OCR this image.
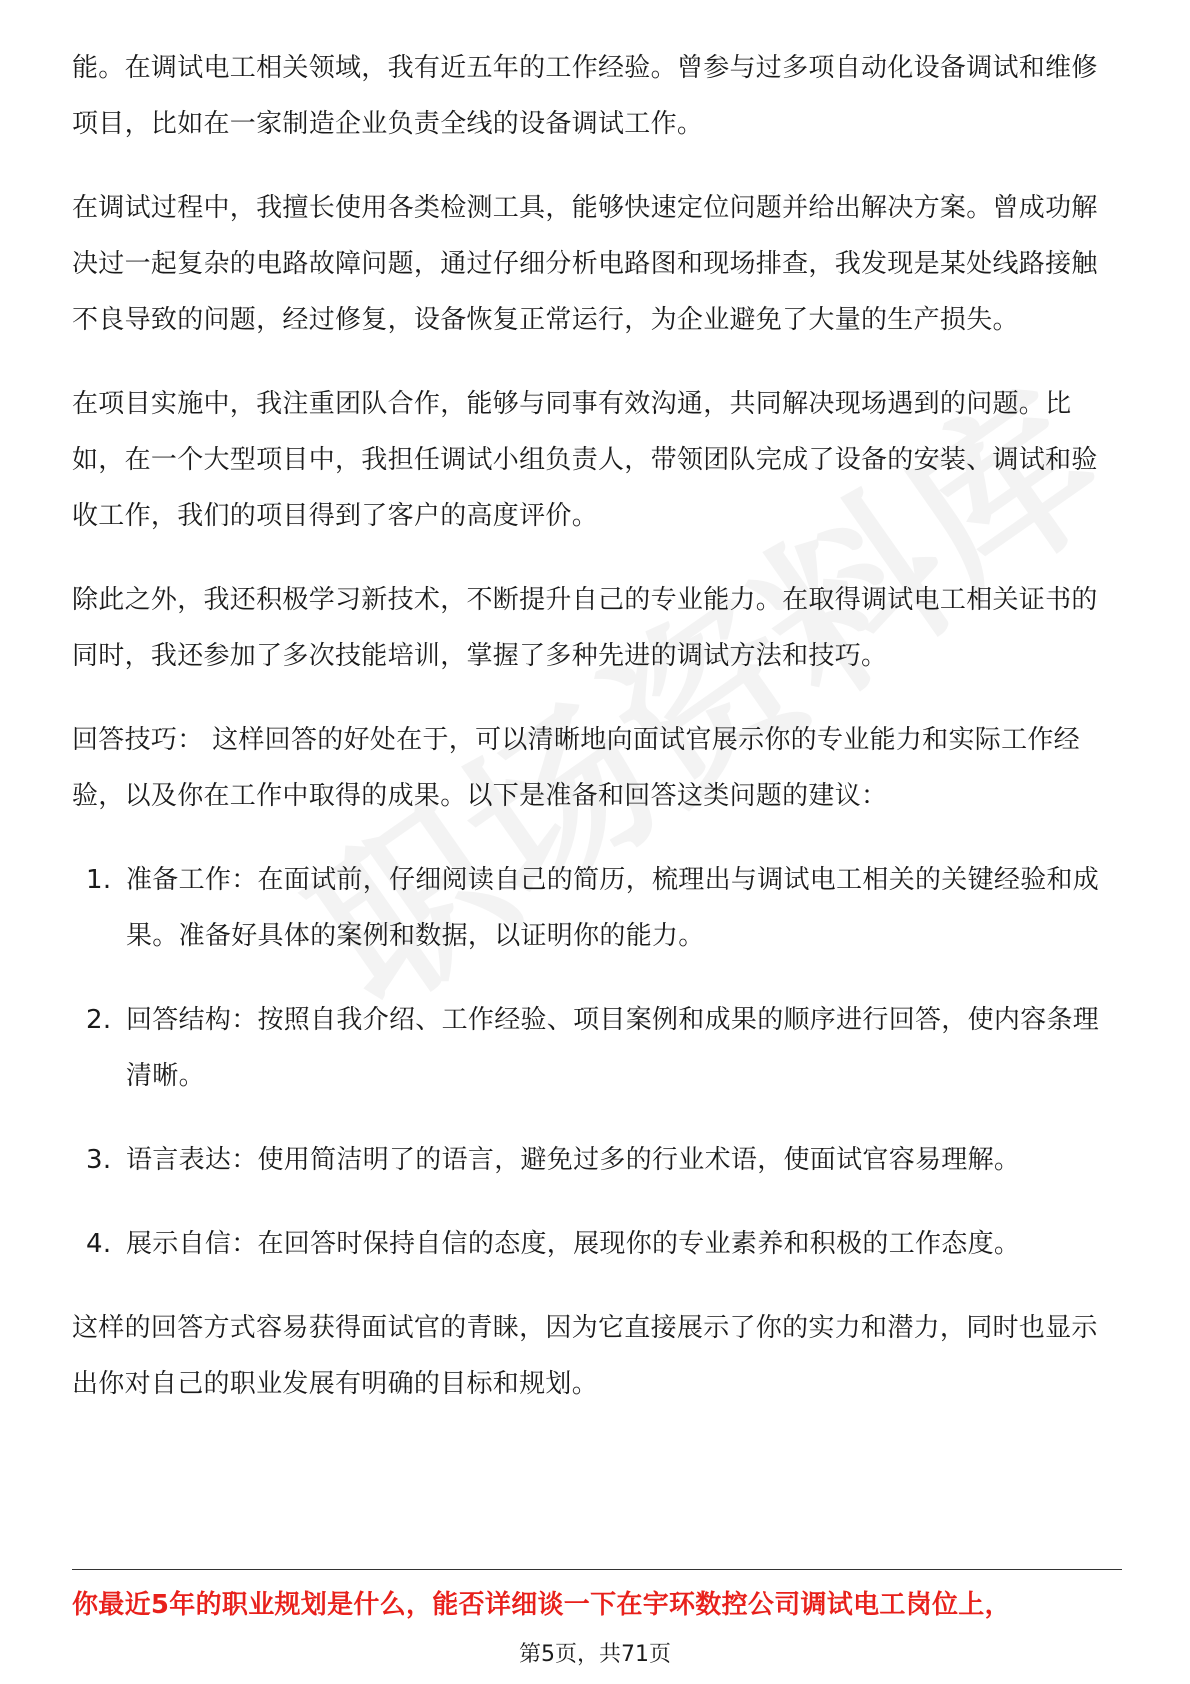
能。在调试电工相关领域，我有近五年的工作经验。曾参与过多项自动化设备调试和维修项目，比如在一家制造企业负责全线的设备调试工作。

在调试过程中，我擅长使用各类检测工具，能够快速定位问题并给出解决方案。曾成功解决过一起复杂的电路故障问题，通过仔细分析电路图和现场排查，我发现是某处线路接触不良导致的问题，经过修复，设备恢复正常运行，为企业避免了大量的生产损失。

在项目实施中，我注重团队合作，能够与同事有效沟通，共同解决现场遇到的问题。比如，在一个大型项目中，我担任调试小组负责人，带领团队完成了设备的安装、调试和验收工作，我们的项目得到了客户的高度评价。

除此之外，我还积极学习新技术，不断提升自己的专业能力。在取得调试电工相关证书的同时，我还参加了多次技能培训，掌握了多种先进的调试方法和技巧。

回答技巧： 这样回答的好处在于，可以清晰地向面试官展示你的专业能力和实际工作经验，以及你在工作中取得的成果。以下是准备和回答这类问题的建议：

1. 准备工作：在面试前，仔细阅读自己的简历，梳理出与调试电工相关的关键经验和成果。准备好具体的案例和数据，以证明你的能力。
2. 回答结构：按照自我介绍、工作经验、项目案例和成果的顺序进行回答，使内容条理清晰。
3. 语言表达：使用简洁明了的语言，避免过多的行业术语，使面试官容易理解。
4. 展示自信：在回答时保持自信的态度，展现你的专业素养和积极的工作态度。

这样的回答方式容易获得面试官的青睐，因为它直接展示了你的实力和潜力，同时也显示出你对自己的职业发展有明确的目标和规划。

你最近5年的职业规划是什么，能否详细谈一下在宇环数控公司调试电工岗位上，
第5页，共71页
